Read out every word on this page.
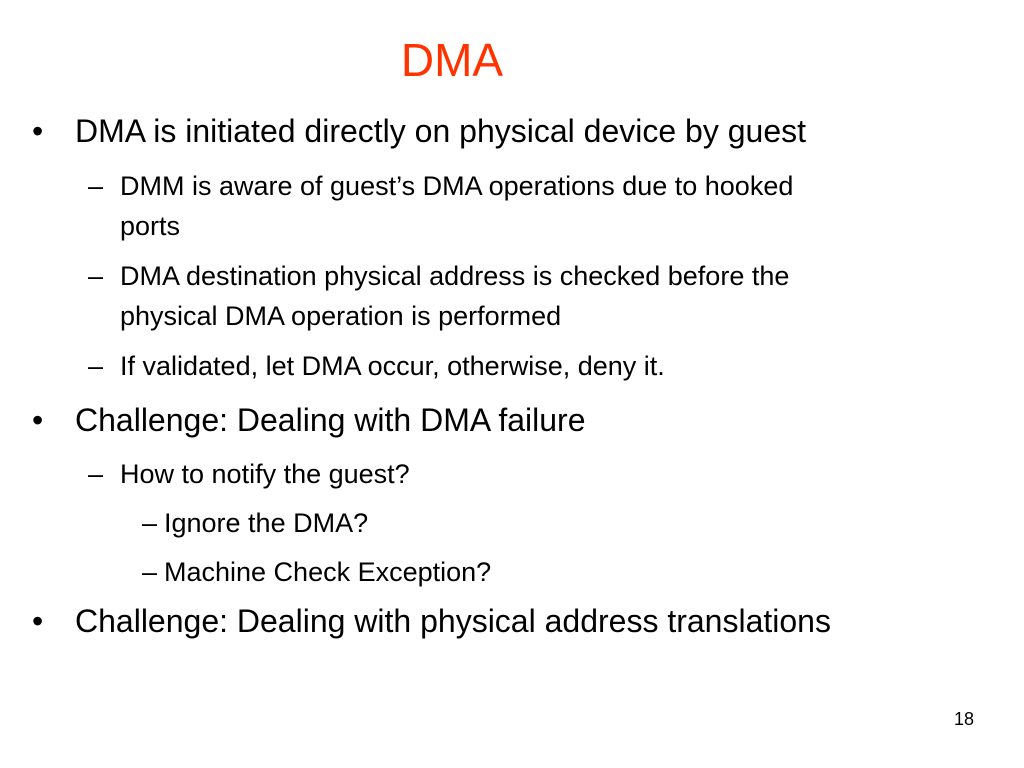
DMA
• DMA is initiated directly on physical device by guest
– DMM is aware of guest’s DMA operations due to hooked
ports
– DMA destination physical address is checked before the
physical DMA operation is performed
– If validated, let DMA occur, otherwise, deny it.
• Challenge: Dealing with DMA failure
– How to notify the guest?
– Ignore the DMA?
– Machine Check Exception?
• Challenge: Dealing with physical address translations
18
